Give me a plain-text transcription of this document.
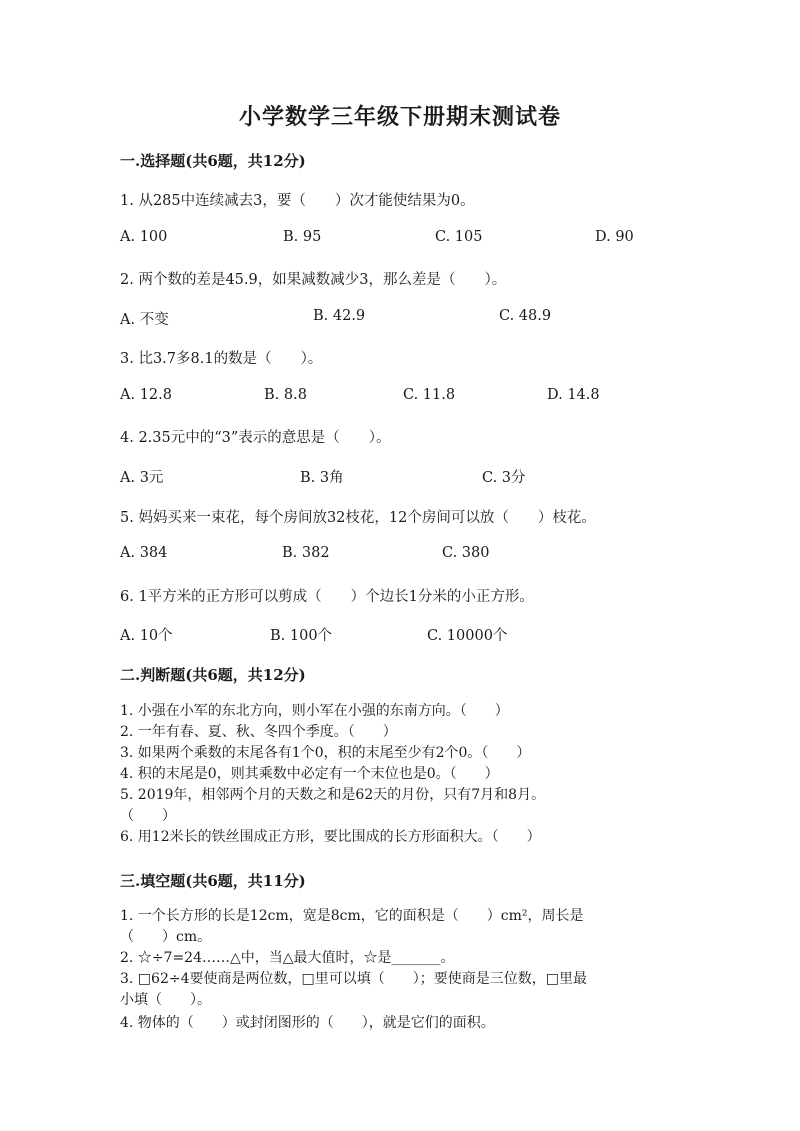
小学数学三年级下册期末测试卷
一.选择题(共6题，共12分)
1. 从285中连续减去3，要（　　）次才能使结果为0。
A. 100	B. 95	C. 105	D. 90
2. 两个数的差是45.9，如果减数减少3，那么差是（　　）。
A. 不变	B. 42.9	C. 48.9
3. 比3.7多8.1的数是（　　）。
A. 12.8	B. 8.8	C. 11.8	D. 14.8
4. 2.35元中的“3”表示的意思是（　　）。
A. 3元	B. 3角	C. 3分
5. 妈妈买来一束花，每个房间放32枝花，12个房间可以放（　　）枝花。
A. 384	B. 382	C. 380
6. 1平方米的正方形可以剪成（　　）个边长1分米的小正方形。
A. 10个	B. 100个	C. 10000个
二.判断题(共6题，共12分)
1. 小强在小军的东北方向，则小军在小强的东南方向。（　　）
2. 一年有春、夏、秋、冬四个季度。（　　）
3. 如果两个乘数的末尾各有1个0，积的末尾至少有2个0。（　　）
4. 积的末尾是0，则其乘数中必定有一个末位也是0。（　　）
5. 2019年，相邻两个月的天数之和是62天的月份，只有7月和8月。
（　　）
6. 用12米长的铁丝围成正方形，要比围成的长方形面积大。（　　）
三.填空题(共6题，共11分)
1. 一个长方形的长是12cm，宽是8cm，它的面积是（　　）cm²，周长是
（　　）cm。
2. ☆÷7=24……△中，当△最大值时，☆是_______。
3. □62÷4要使商是两位数，□里可以填（　　）；要使商是三位数，□里最
小填（　　）。
4. 物体的（　　）或封闭图形的（　　），就是它们的面积。
